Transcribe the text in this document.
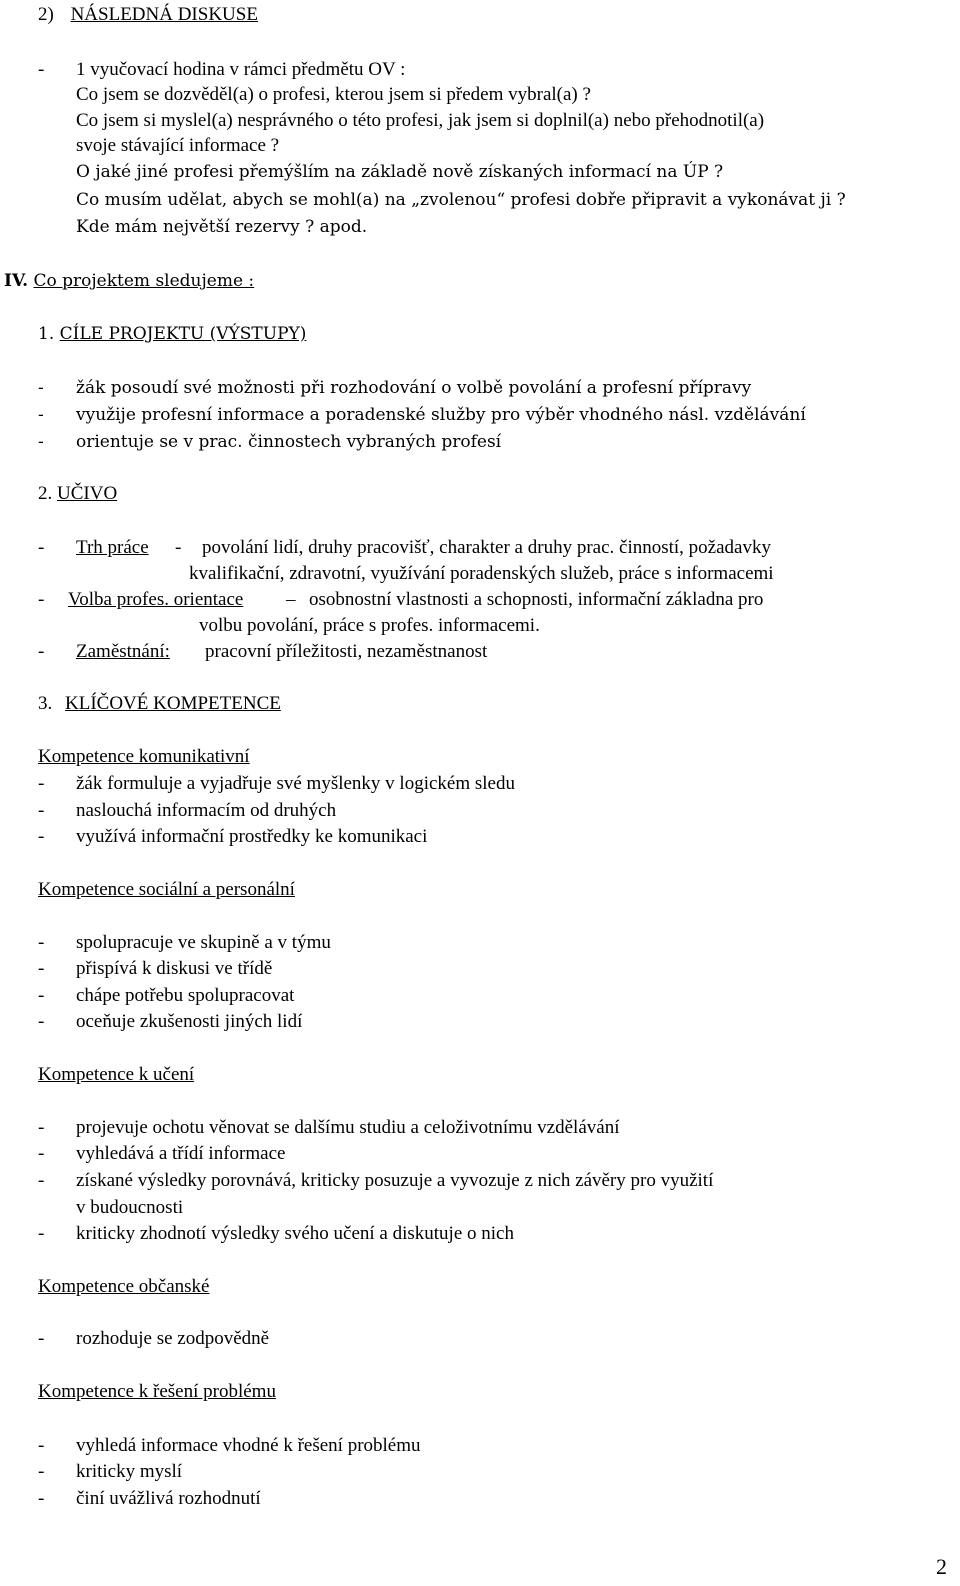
2) NÁSLEDNÁ DISKUSE
- 1 vyučovací hodina v rámci předmětu OV :
Co jsem se dozvěděl(a) o profesi, kterou jsem si předem vybral(a) ?
Co jsem si myslel(a) nesprávného o této profesi, jak jsem si doplnil(a) nebo přehodnotil(a)
svoje stávající informace ?
O jaké jiné profesi přemýšlím na základě nově získaných informací na ÚP ?
Co musím udělat, abych se mohl(a) na „zvolenou“ profesi dobře připravit a vykonávat ji ?
Kde mám největší rezervy ? apod.
IV. Co projektem sledujeme :
1. CÍLE PROJEKTU (VÝSTUPY)
- žák posoudí své možnosti při rozhodování o volbě povolání a profesní přípravy
- využije profesní informace a poradenské služby pro výběr vhodného násl. vzdělávání
- orientuje se v prac. činnostech vybraných profesí
2. UČIVO
- Trh práce - povolání lidí, druhy pracovišť, charakter a druhy prac. činností, požadavky
kvalifikační, zdravotní, využívání poradenských služeb, práce s informacemi
- Volba profes. orientace – osobnostní vlastnosti a schopnosti, informační základna pro
volbu povolání, práce s profes. informacemi.
- Zaměstnání: pracovní příležitosti, nezaměstnanost
3. KLÍČOVÉ KOMPETENCE
Kompetence komunikativní
- žák formuluje a vyjadřuje své myšlenky v logickém sledu
- naslouchá informacím od druhých
- využívá informační prostředky ke komunikaci
Kompetence sociální a personální
- spolupracuje ve skupině a v týmu
- přispívá k diskusi ve třídě
- chápe potřebu spolupracovat
- oceňuje zkušenosti jiných lidí
Kompetence k učení
- projevuje ochotu věnovat se dalšímu studiu a celoživotnímu vzdělávání
- vyhledává a třídí informace
- získané výsledky porovnává, kriticky posuzuje a vyvozuje z nich závěry pro využití
v budoucnosti
- kriticky zhodnotí výsledky svého učení a diskutuje o nich
Kompetence občanské
- rozhoduje se zodpovědně
Kompetence k řešení problému
- vyhledá informace vhodné k řešení problému
- kriticky myslí
- činí uvážlivá rozhodnutí
2
